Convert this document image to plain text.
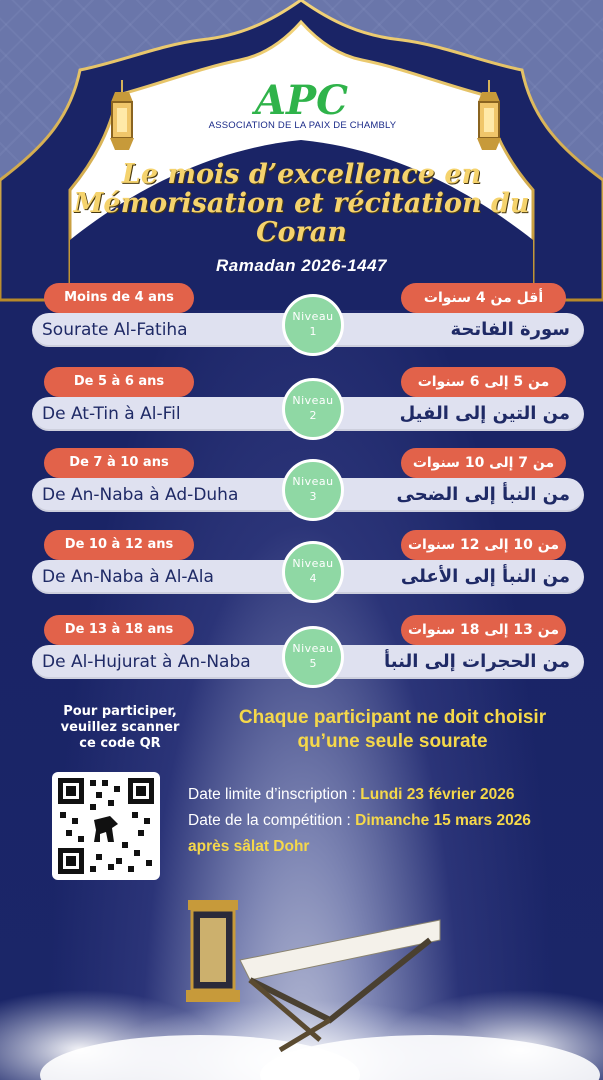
APC
ASSOCIATION DE LA PAIX DE CHAMBLY
Le mois d’excellence en Mémorisation et récitation du Coran
Ramadan 2026-1447
Sourate Al-Fatiha	سورة الفاتحة
Moins de 4 ans	أقل من 4 سنوات
Niveau
1
De At-Tin à Al-Fil	من التين إلى الفيل
De 5 à 6 ans	من 5 إلى 6 سنوات
Niveau
2
De An-Naba à Ad-Duha	من النبأ إلى الضحى
De 7 à 10 ans	من 7 إلى 10 سنوات
Niveau
3
De An-Naba à Al-Ala	من النبأ إلى الأعلى
De 10 à 12 ans	من 10 إلى 12 سنوات
Niveau
4
De Al-Hujurat à An-Naba	من الحجرات إلى النبأ
De 13 à 18 ans	من 13 إلى 18 سنوات
Niveau
5
Pour participer,
veuillez scanner
ce code QR
Chaque participant ne doit choisir
qu’une seule sourate
Date limite d’inscription : Lundi 23 février 2026
Date de la compétition : Dimanche 15 mars 2026
après sâlat Dohr
